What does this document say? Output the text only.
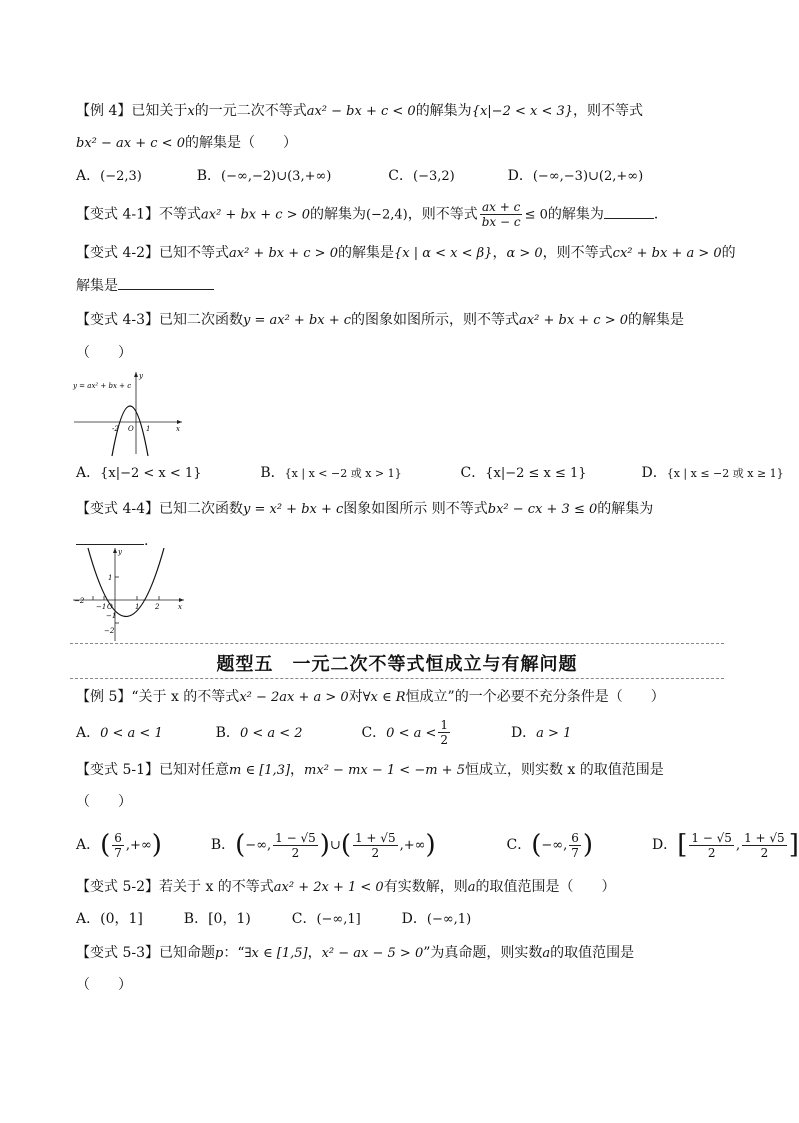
【例 4】已知关于x的一元二次不等式ax² − bx + c < 0的解集为{x|−2 < x < 3}，则不等式
bx² − ax + c < 0的解集是（　　）
A．(−2,3)	B．(−∞,−2)∪(3,+∞)	C．(−3,2)	D．(−∞,−3)∪(2,+∞)
【变式 4-1】不等式ax² + bx + c > 0的解集为(−2,4)，则不等式 $\frac{ax + c}{bx - c} \le 0$的解集为	．
【变式 4-2】已知不等式ax² + bx + c > 0的解集是{x | α < x < β}，α > 0，则不等式cx² + bx + a > 0的
解集是
【变式 4-3】已知二次函数y = ax² + bx + c的图象如图所示，则不等式ax² + bx + c > 0的解集是
（　　）
y = ax² + bx + c
y
x
O
-2	1
A．{x|−2 < x < 1}	B．{x | x < −2 或 x > 1}	C．{x|−2 ≤ x ≤ 1}	D．{x | x ≤ −2 或 x ≥ 1}
【变式 4-4】已知二次函数y = x² + bx + c图象如图所示 则不等式bx² − cx + 3 ≤ 0的解集为
.
y
x
O
−2
−1	1 2
1
−1
−2
题型五　一元二次不等式恒成立与有解问题
【例 5】“关于 x 的不等式x² − 2ax + a > 0对∀x ∈ R恒成立”的一个必要不充分条件是（　　）
A．0 < a < 1	B．0 < a < 2	C．$0 < a < \frac{1}{2}$	D．a > 1
【变式 5-1】已知对任意m ∈ [1,3]，mx² − mx − 1 < −m + 5恒成立，则实数 x 的取值范围是
（　　）
A．( $\frac{6}{7}$ ,+∞)	B．(−∞, $\frac{1 - √5}{2}$ )∪( $\frac{1 + √5}{2}$ ,+∞)	C．(−∞, $\frac{6}{7}$ )	D．[ $\frac{1 - √5}{2}$ , $\frac{1 + √5}{2}$ ]
【变式 5-2】若关于 x 的不等式ax² + 2x + 1 < 0有实数解，则a的取值范围是（　　）
A．(0，1]	B．[0，1)	C．(−∞,1]	D．(−∞,1)
【变式 5-3】已知命题p：“∃x ∈ [1,5]，x² − ax − 5 > 0”为真命题，则实数a的取值范围是
（　　）
